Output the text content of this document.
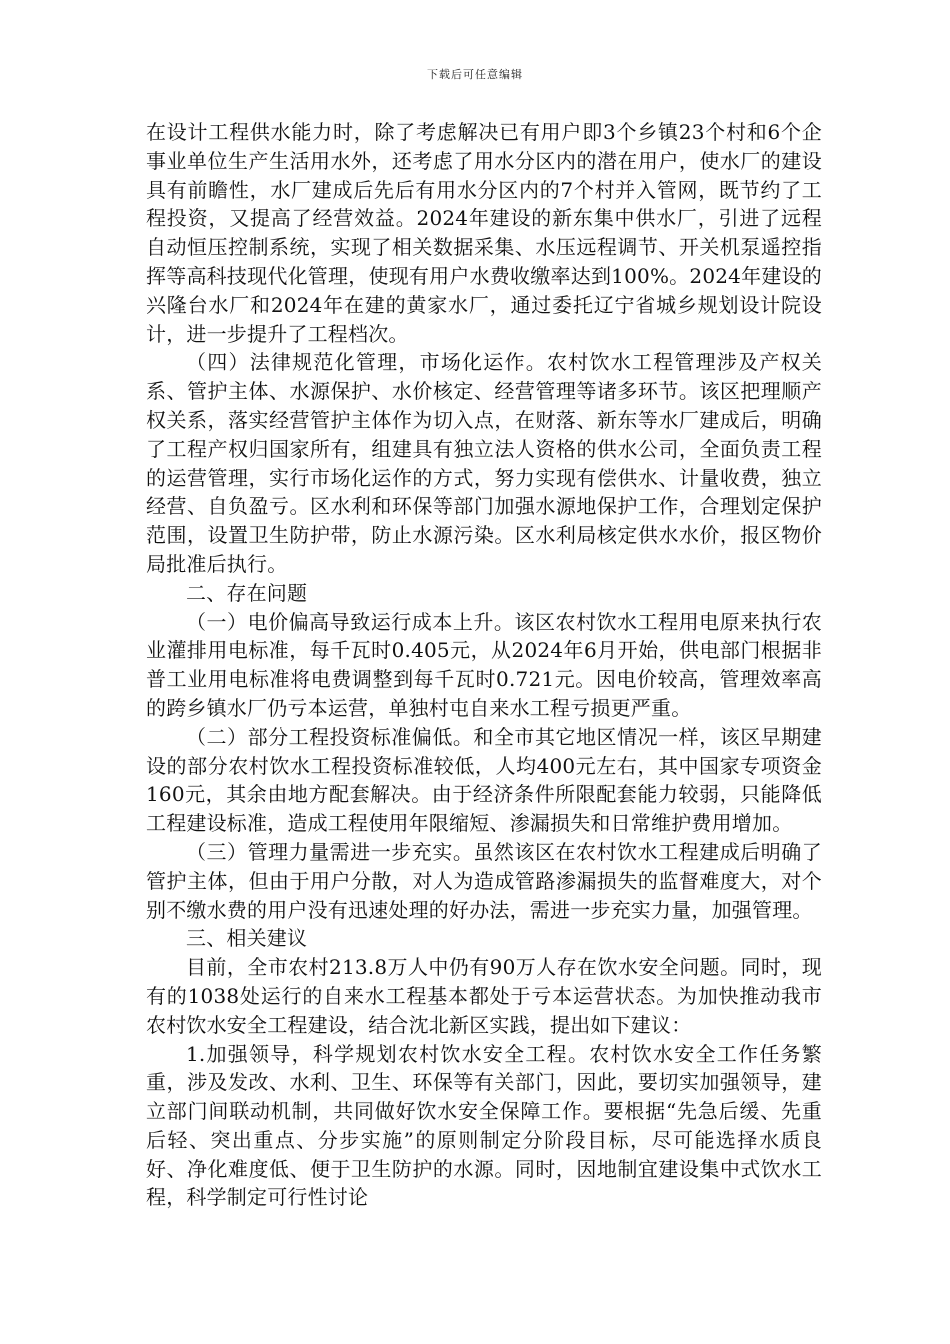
下载后可任意编辑

在设计工程供水能力时，除了考虑解决已有用户即3个乡镇23个村和6个企事业单位生产生活用水外，还考虑了用水分区内的潜在用户，使水厂的建设具有前瞻性，水厂建成后先后有用水分区内的7个村并入管网，既节约了工程投资，又提高了经营效益。2024年建设的新东集中供水厂，引进了远程自动恒压控制系统，实现了相关数据采集、水压远程调节、开关机泵遥控指挥等高科技现代化管理，使现有用户水费收缴率达到100%。2024年建设的兴隆台水厂和2024年在建的黄家水厂，通过委托辽宁省城乡规划设计院设计，进一步提升了工程档次。

（四）法律规范化管理，市场化运作。农村饮水工程管理涉及产权关系、管护主体、水源保护、水价核定、经营管理等诸多环节。该区把理顺产权关系，落实经营管护主体作为切入点，在财落、新东等水厂建成后，明确了工程产权归国家所有，组建具有独立法人资格的供水公司，全面负责工程的运营管理，实行市场化运作的方式，努力实现有偿供水、计量收费，独立经营、自负盈亏。区水利和环保等部门加强水源地保护工作，合理划定保护范围，设置卫生防护带，防止水源污染。区水利局核定供水水价，报区物价局批准后执行。

二、存在问题

（一）电价偏高导致运行成本上升。该区农村饮水工程用电原来执行农业灌排用电标准，每千瓦时0.405元，从2024年6月开始，供电部门根据非普工业用电标准将电费调整到每千瓦时0.721元。因电价较高，管理效率高的跨乡镇水厂仍亏本运营，单独村屯自来水工程亏损更严重。

（二）部分工程投资标准偏低。和全市其它地区情况一样，该区早期建设的部分农村饮水工程投资标准较低，人均400元左右，其中国家专项资金160元，其余由地方配套解决。由于经济条件所限配套能力较弱，只能降低工程建设标准，造成工程使用年限缩短、渗漏损失和日常维护费用增加。

（三）管理力量需进一步充实。虽然该区在农村饮水工程建成后明确了管护主体，但由于用户分散，对人为造成管路渗漏损失的监督难度大，对个别不缴水费的用户没有迅速处理的好办法，需进一步充实力量，加强管理。

三、相关建议

目前，全市农村213.8万人中仍有90万人存在饮水安全问题。同时，现有的1038处运行的自来水工程基本都处于亏本运营状态。为加快推动我市农村饮水安全工程建设，结合沈北新区实践，提出如下建议：

1.加强领导，科学规划农村饮水安全工程。农村饮水安全工作任务繁重，涉及发改、水利、卫生、环保等有关部门，因此，要切实加强领导，建立部门间联动机制，共同做好饮水安全保障工作。要根据“先急后缓、先重后轻、突出重点、分步实施”的原则制定分阶段目标，尽可能选择水质良好、净化难度低、便于卫生防护的水源。同时，因地制宜建设集中式饮水工程，科学制定可行性讨论
